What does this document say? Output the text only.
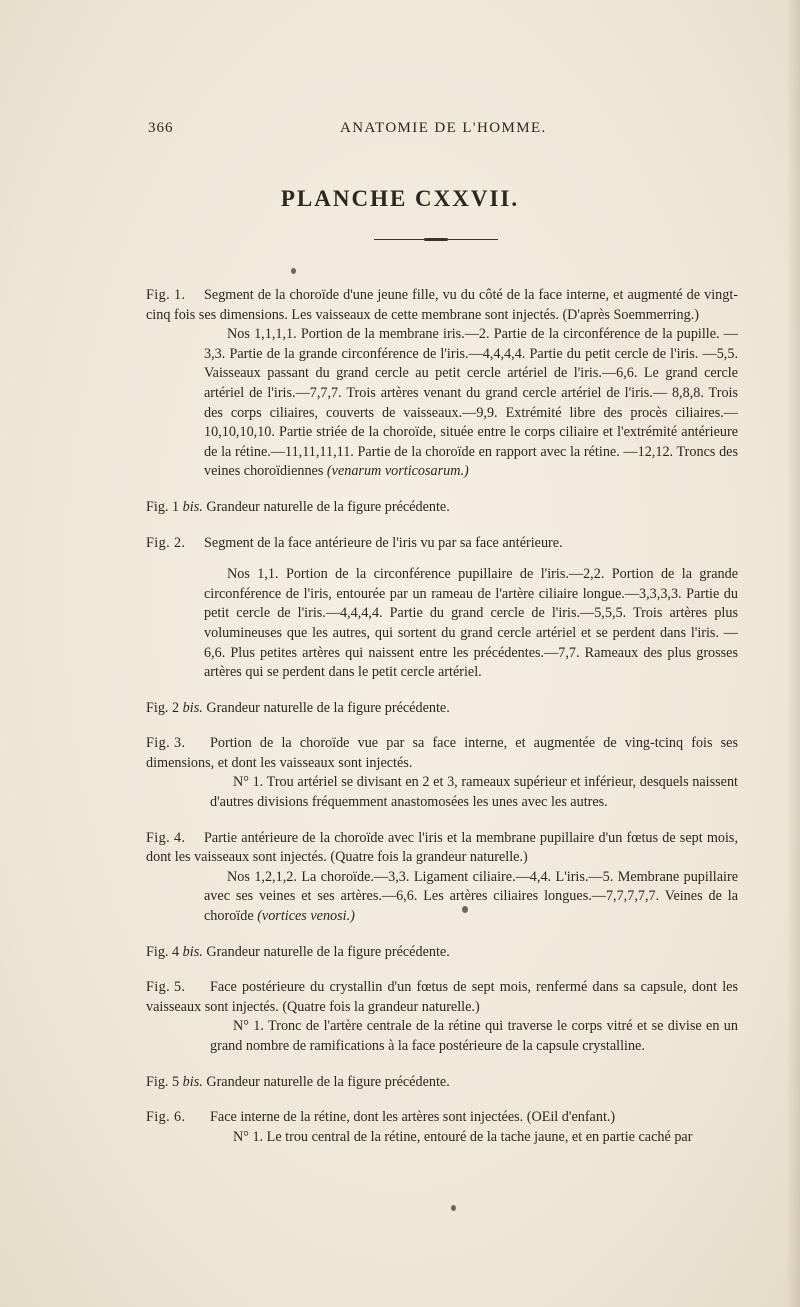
366	ANATOMIE DE L'HOMME.
PLANCHE CXXVII.
Fig. 1.	Segment de la choroïde d'une jeune fille, vu du côté de la face interne, et augmenté de vingt-cinq fois ses dimensions. Les vaisseaux de cette membrane sont injectés. (D'après Soemmerring.)

Nos 1,1,1,1. Portion de la membrane iris.—2. Partie de la circonférence de la pupille. —3,3. Partie de la grande circonférence de l'iris.—4,4,4,4. Partie du petit cercle de l'iris. —5,5. Vaisseaux passant du grand cercle au petit cercle artériel de l'iris.—6,6. Le grand cercle artériel de l'iris.—7,7,7. Trois artères venant du grand cercle artériel de l'iris.— 8,8,8. Trois des corps ciliaires, couverts de vaisseaux.—9,9. Extrémité libre des procès ciliaires.—10,10,10,10. Partie striée de la choroïde, située entre le corps ciliaire et l'extrémité antérieure de la rétine.—11,11,11,11. Partie de la choroïde en rapport avec la rétine. —12,12. Troncs des veines choroïdiennes (venarum vorticosarum.)

Fig. 1 bis. Grandeur naturelle de la figure précédente.

Fig. 2.	Segment de la face antérieure de l'iris vu par sa face antérieure.

Nos 1,1. Portion de la circonférence pupillaire de l'iris.—2,2. Portion de la grande circonférence de l'iris, entourée par un rameau de l'artère ciliaire longue.—3,3,3,3. Partie du petit cercle de l'iris.—4,4,4,4. Partie du grand cercle de l'iris.—5,5,5. Trois artères plus volumineuses que les autres, qui sortent du grand cercle artériel et se perdent dans l'iris. —6,6. Plus petites artères qui naissent entre les précédentes.—7,7. Rameaux des plus grosses artères qui se perdent dans le petit cercle artériel.

Fig. 2 bis. Grandeur naturelle de la figure précédente.

Fig. 3.	Portion de la choroïde vue par sa face interne, et augmentée de ving-tcinq fois ses dimensions, et dont les vaisseaux sont injectés.

N° 1. Trou artériel se divisant en 2 et 3, rameaux supérieur et inférieur, desquels naissent d'autres divisions fréquemment anastomosées les unes avec les autres.

Fig. 4.	Partie antérieure de la choroïde avec l'iris et la membrane pupillaire d'un fœtus de sept mois, dont les vaisseaux sont injectés. (Quatre fois la grandeur naturelle.)

Nos 1,2,1,2. La choroïde.—3,3. Ligament ciliaire.—4,4. L'iris.—5. Membrane pupillaire avec ses veines et ses artères.—6,6. Les artères ciliaires longues.—7,7,7,7,7. Veines de la choroïde (vortices venosi.)

Fig. 4 bis. Grandeur naturelle de la figure précédente.

Fig. 5.	Face postérieure du crystallin d'un fœtus de sept mois, renfermé dans sa capsule, dont les vaisseaux sont injectés. (Quatre fois la grandeur naturelle.)

N° 1. Tronc de l'artère centrale de la rétine qui traverse le corps vitré et se divise en un grand nombre de ramifications à la face postérieure de la capsule crystalline.

Fig. 5 bis. Grandeur naturelle de la figure précédente.

Fig. 6.	Face interne de la rétine, dont les artères sont injectées. (OEil d'enfant.)

N° 1. Le trou central de la rétine, entouré de la tache jaune, et en partie caché par
